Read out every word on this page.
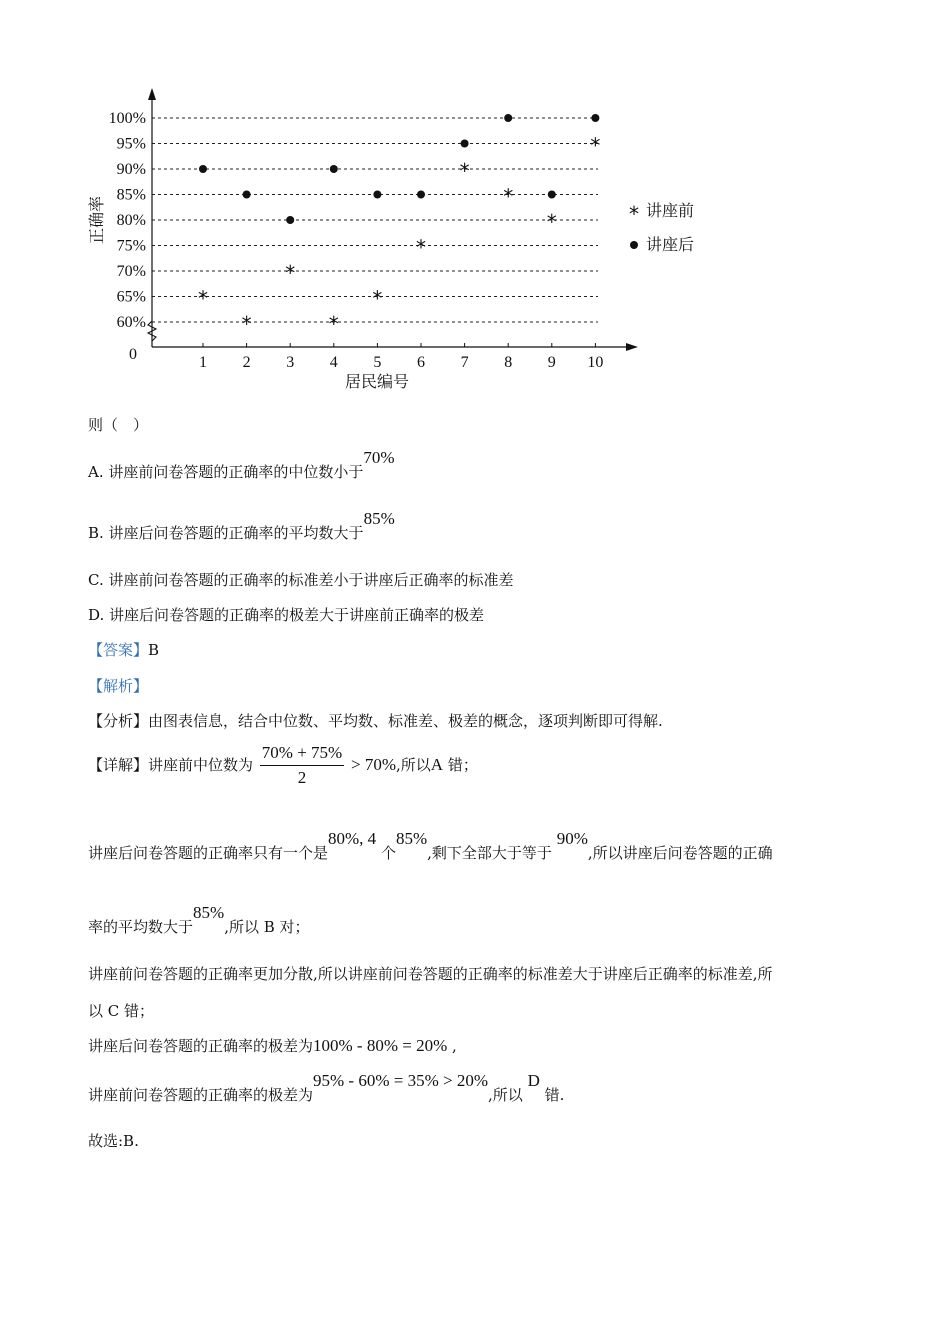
60%
65%
70%
75%
80%
85%
90%
95%
100%
0	1 2 3 4 5 6 7 8 9 10
居民编号
正确率
*
*
*
*
*
*
*
*
*
*
* 讲座前
讲座后
则（　）
A. 讲座前问卷答题的正确率的中位数小于70%
B. 讲座后问卷答题的正确率的平均数大于85%
C. 讲座前问卷答题的正确率的标准差小于讲座后正确率的标准差
D. 讲座后问卷答题的正确率的极差大于讲座前正确率的极差
【答案】B
【解析】
【分析】由图表信息，结合中位数、平均数、标准差、极差的概念，逐项判断即可得解.
【详解】讲座前中位数为 $\frac{70\% + 75\%}{2} > 70\%$,所以A 错；
讲座后问卷答题的正确率只有一个是80%, 4 个85%,剩下全部大于等于 90%,所以讲座后问卷答题的正确
率的平均数大于85%,所以 B 对；
讲座前问卷答题的正确率更加分散,所以讲座前问卷答题的正确率的标准差大于讲座后正确率的标准差,所
以 C 错；
讲座后问卷答题的正确率的极差为100% - 80% = 20% ,
讲座前问卷答题的正确率的极差为95% - 60% = 35% > 20%,所以 D 错.
故选:B.
